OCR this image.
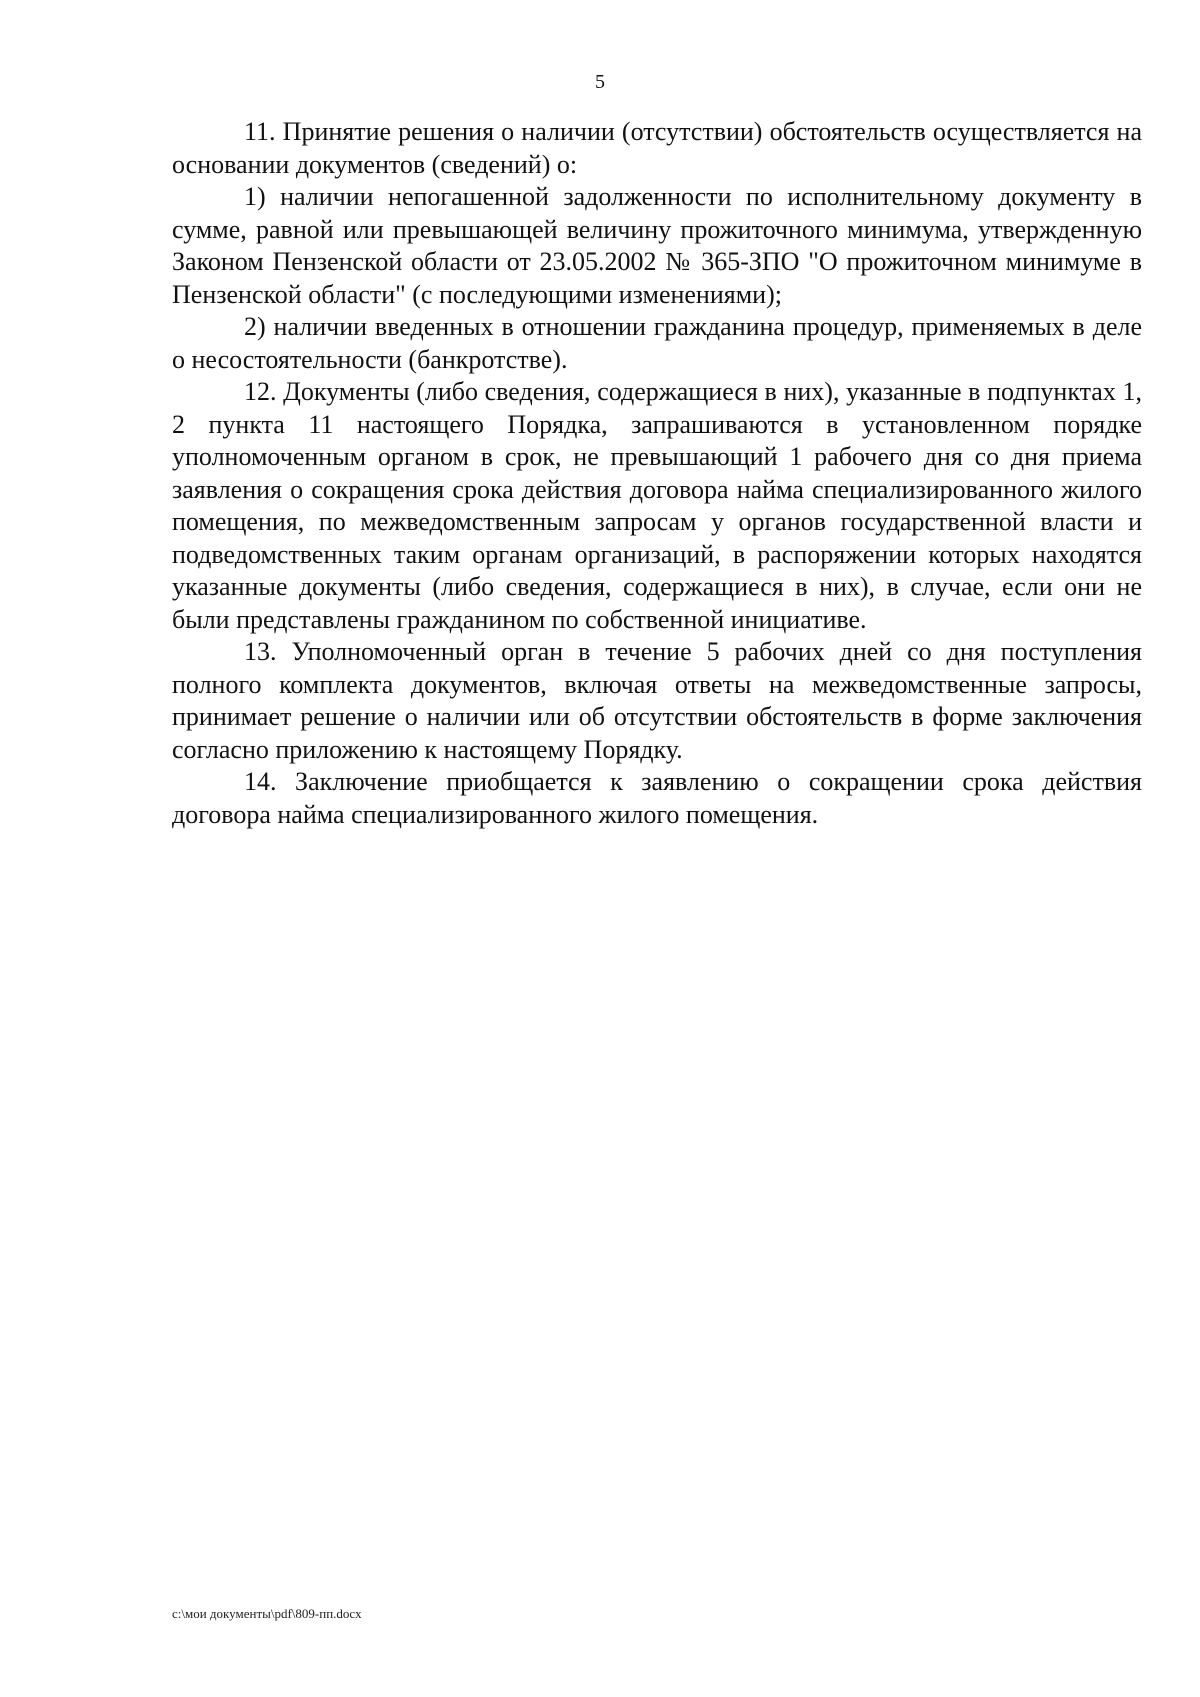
5

11. Принятие решения о наличии (отсутствии) обстоятельств осуществляется на основании документов (сведений) о:

1) наличии непогашенной задолженности по исполнительному документу в сумме, равной или превышающей величину прожиточного минимума, утвержденную Законом Пензенской области от 23.05.2002 № 365-ЗПО "О прожиточном минимуме в Пензенской области" (с последующими изменениями);

2) наличии введенных в отношении гражданина процедур, применяемых в деле о несостоятельности (банкротстве).

12. Документы (либо сведения, содержащиеся в них), указанные в подпунктах 1, 2 пункта 11 настоящего Порядка, запрашиваются в установленном порядке уполномоченным органом в срок, не превышающий 1 рабочего дня со дня приема заявления о сокращения срока действия договора найма специализированного жилого помещения, по межведомственным запросам у органов государственной власти и подведомственных таким органам организаций, в распоряжении которых находятся указанные документы (либо сведения, содержащиеся в них), в случае, если они не были представлены гражданином по собственной инициативе.

13. Уполномоченный орган в течение 5 рабочих дней со дня поступления полного комплекта документов, включая ответы на межведомственные запросы, принимает решение о наличии или об отсутствии обстоятельств в форме заключения согласно приложению к настоящему Порядку.

14. Заключение приобщается к заявлению о сокращении срока действия договора найма специализированного жилого помещения.

c:\мои документы\pdf\809-пп.docx
